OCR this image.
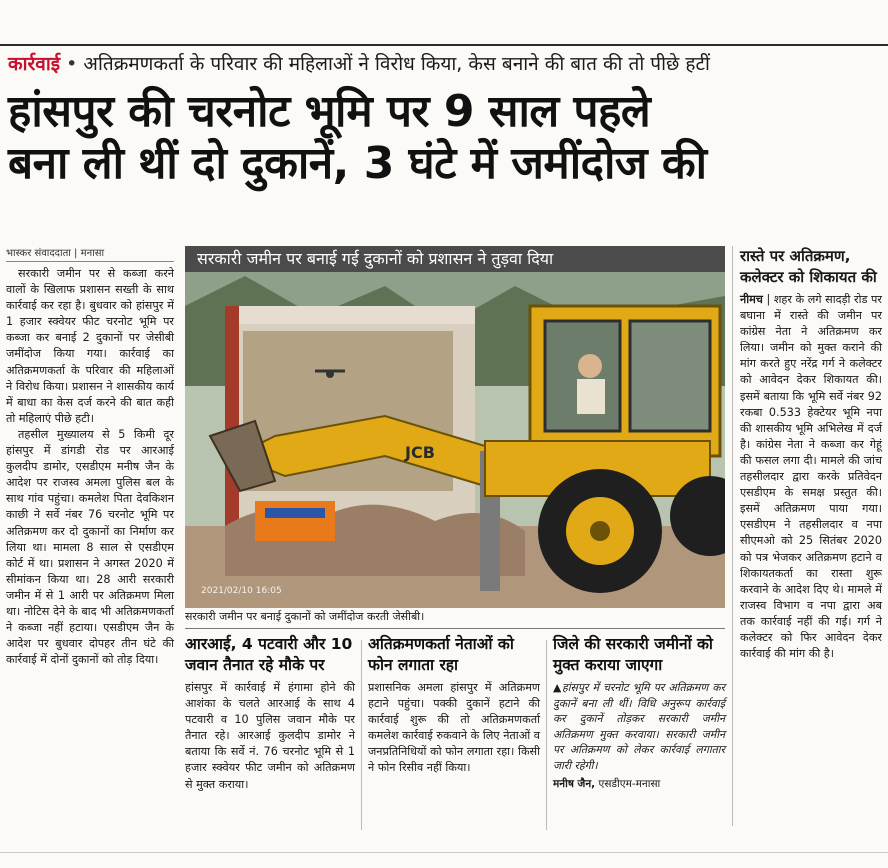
कार्रवाई • अतिक्रमणकर्ता के परिवार की महिलाओं ने विरोध किया, केस बनाने की बात की तो पीछे हटीं
हांसपुर की चरनोट भूमि पर 9 साल पहले
बना ली थीं दो दुकानें, 3 घंटे में जमींदोज की
भास्कर संवाददाता | मनासा

सरकारी जमीन पर से कब्जा करने वालों के खिलाफ प्रशासन सख्ती के साथ कार्रवाई कर रहा है। बुधवार को हांसपुर में 1 हजार स्क्वेयर फीट चरनोट भूमि पर कब्जा कर बनाई 2 दुकानों पर जेसीबी जमींदोज किया गया। कार्रवाई का अतिक्रमणकर्ता के परिवार की महिलाओं ने विरोध किया। प्रशासन ने शासकीय कार्य में बाधा का केस दर्ज करने की बात कही तो महिलाएं पीछे हटी।

तहसील मुख्यालय से 5 किमी दूर हांसपुर में डांगडी रोड पर आरआई कुलदीप डामोर, एसडीएम मनीष जैन के आदेश पर राजस्व अमला पुलिस बल के साथ गांव पहुंचा। कमलेश पिता देवकिशन काछी ने सर्वे नंबर 76 चरनोट भूमि पर अतिक्रमण कर दो दुकानों का निर्माण कर लिया था। मामला 8 साल से एसडीएम कोर्ट में था। प्रशासन ने अगस्त 2020 में सीमांकन किया था। 28 आरी सरकारी जमीन में से 1 आरी पर अतिक्रमण मिला था। नोटिस देने के बाद भी अतिक्रमणकर्ता ने कब्जा नहीं हटाया। एसडीएम जैन के आदेश पर बुधवार दोपहर तीन घंटे की कार्रवाई में दोनों दुकानों को तोड़ दिया।

सरकारी जमीन पर बनाई गई दुकानों को प्रशासन ने तुड़वा दिया
JCB
2021/02/10 16:05
सरकारी जमीन पर बनाई दुकानों को जमींदोज करती जेसीबी।
आरआई, 4 पटवारी और 10 जवान तैनात रहे मौके पर

हांसपुर में कार्रवाई में हंगामा होने की आशंका के चलते आरआई के साथ 4 पटवारी व 10 पुलिस जवान मौके पर तैनात रहे। आरआई कुलदीप डामोर ने बताया कि सर्वे नं. 76 चरनोट भूमि से 1 हजार स्क्वेयर फीट जमीन को अतिक्रमण से मुक्त कराया।

अतिक्रमणकर्ता नेताओं को फोन लगाता रहा

प्रशासनिक अमला हांसपुर में अतिक्रमण हटाने पहुंचा। पक्की दुकानें हटाने की कार्रवाई शुरू की तो अतिक्रमणकर्ता कमलेश कार्रवाई रुकवाने के लिए नेताओं व जनप्रतिनिधियों को फोन लगाता रहा। किसी ने फोन रिसीव नहीं किया।

जिले की सरकारी जमीनों को मुक्त कराया जाएगा

▲हांसपुर में चरनोट भूमि पर अतिक्रमण कर दुकानें बना ली थीं। विधि अनुरूप कार्रवाई कर दुकानें तोड़कर सरकारी जमीन अतिक्रमण मुक्त करवाया। सरकारी जमीन पर अतिक्रमण को लेकर कार्रवाई लगातार जारी रहेगी।

मनीष जैन, एसडीएम-मनासा
रास्ते पर अतिक्रमण, कलेक्टर को शिकायत की

नीमच | शहर के लगे सादड़ी रोड पर बघाना में रास्ते की जमीन पर कांग्रेस नेता ने अतिक्रमण कर लिया। जमीन को मुक्त कराने की मांग करते हुए नरेंद्र गर्ग ने कलेक्टर को आवेदन देकर शिकायत की। इसमें बताया कि भूमि सर्वे नंबर 92 रकबा 0.533 हेक्टेयर भूमि नपा की शासकीय भूमि अभिलेख में दर्ज है। कांग्रेस नेता ने कब्जा कर गेहूं की फसल लगा दी। मामले की जांच तहसीलदार द्वारा करके प्रतिवेदन एसडीएम के समक्ष प्रस्तुत की। इसमें अतिक्रमण पाया गया। एसडीएम ने तहसीलदार व नपा सीएमओ को 25 सितंबर 2020 को पत्र भेजकर अतिक्रमण हटाने व शिकायतकर्ता का रास्ता शुरू करवाने के आदेश दिए थे। मामले में राजस्व विभाग व नपा द्वारा अब तक कार्रवाई नहीं की गई। गर्ग ने कलेक्टर को फिर आवेदन देकर कार्रवाई की मांग की है।
